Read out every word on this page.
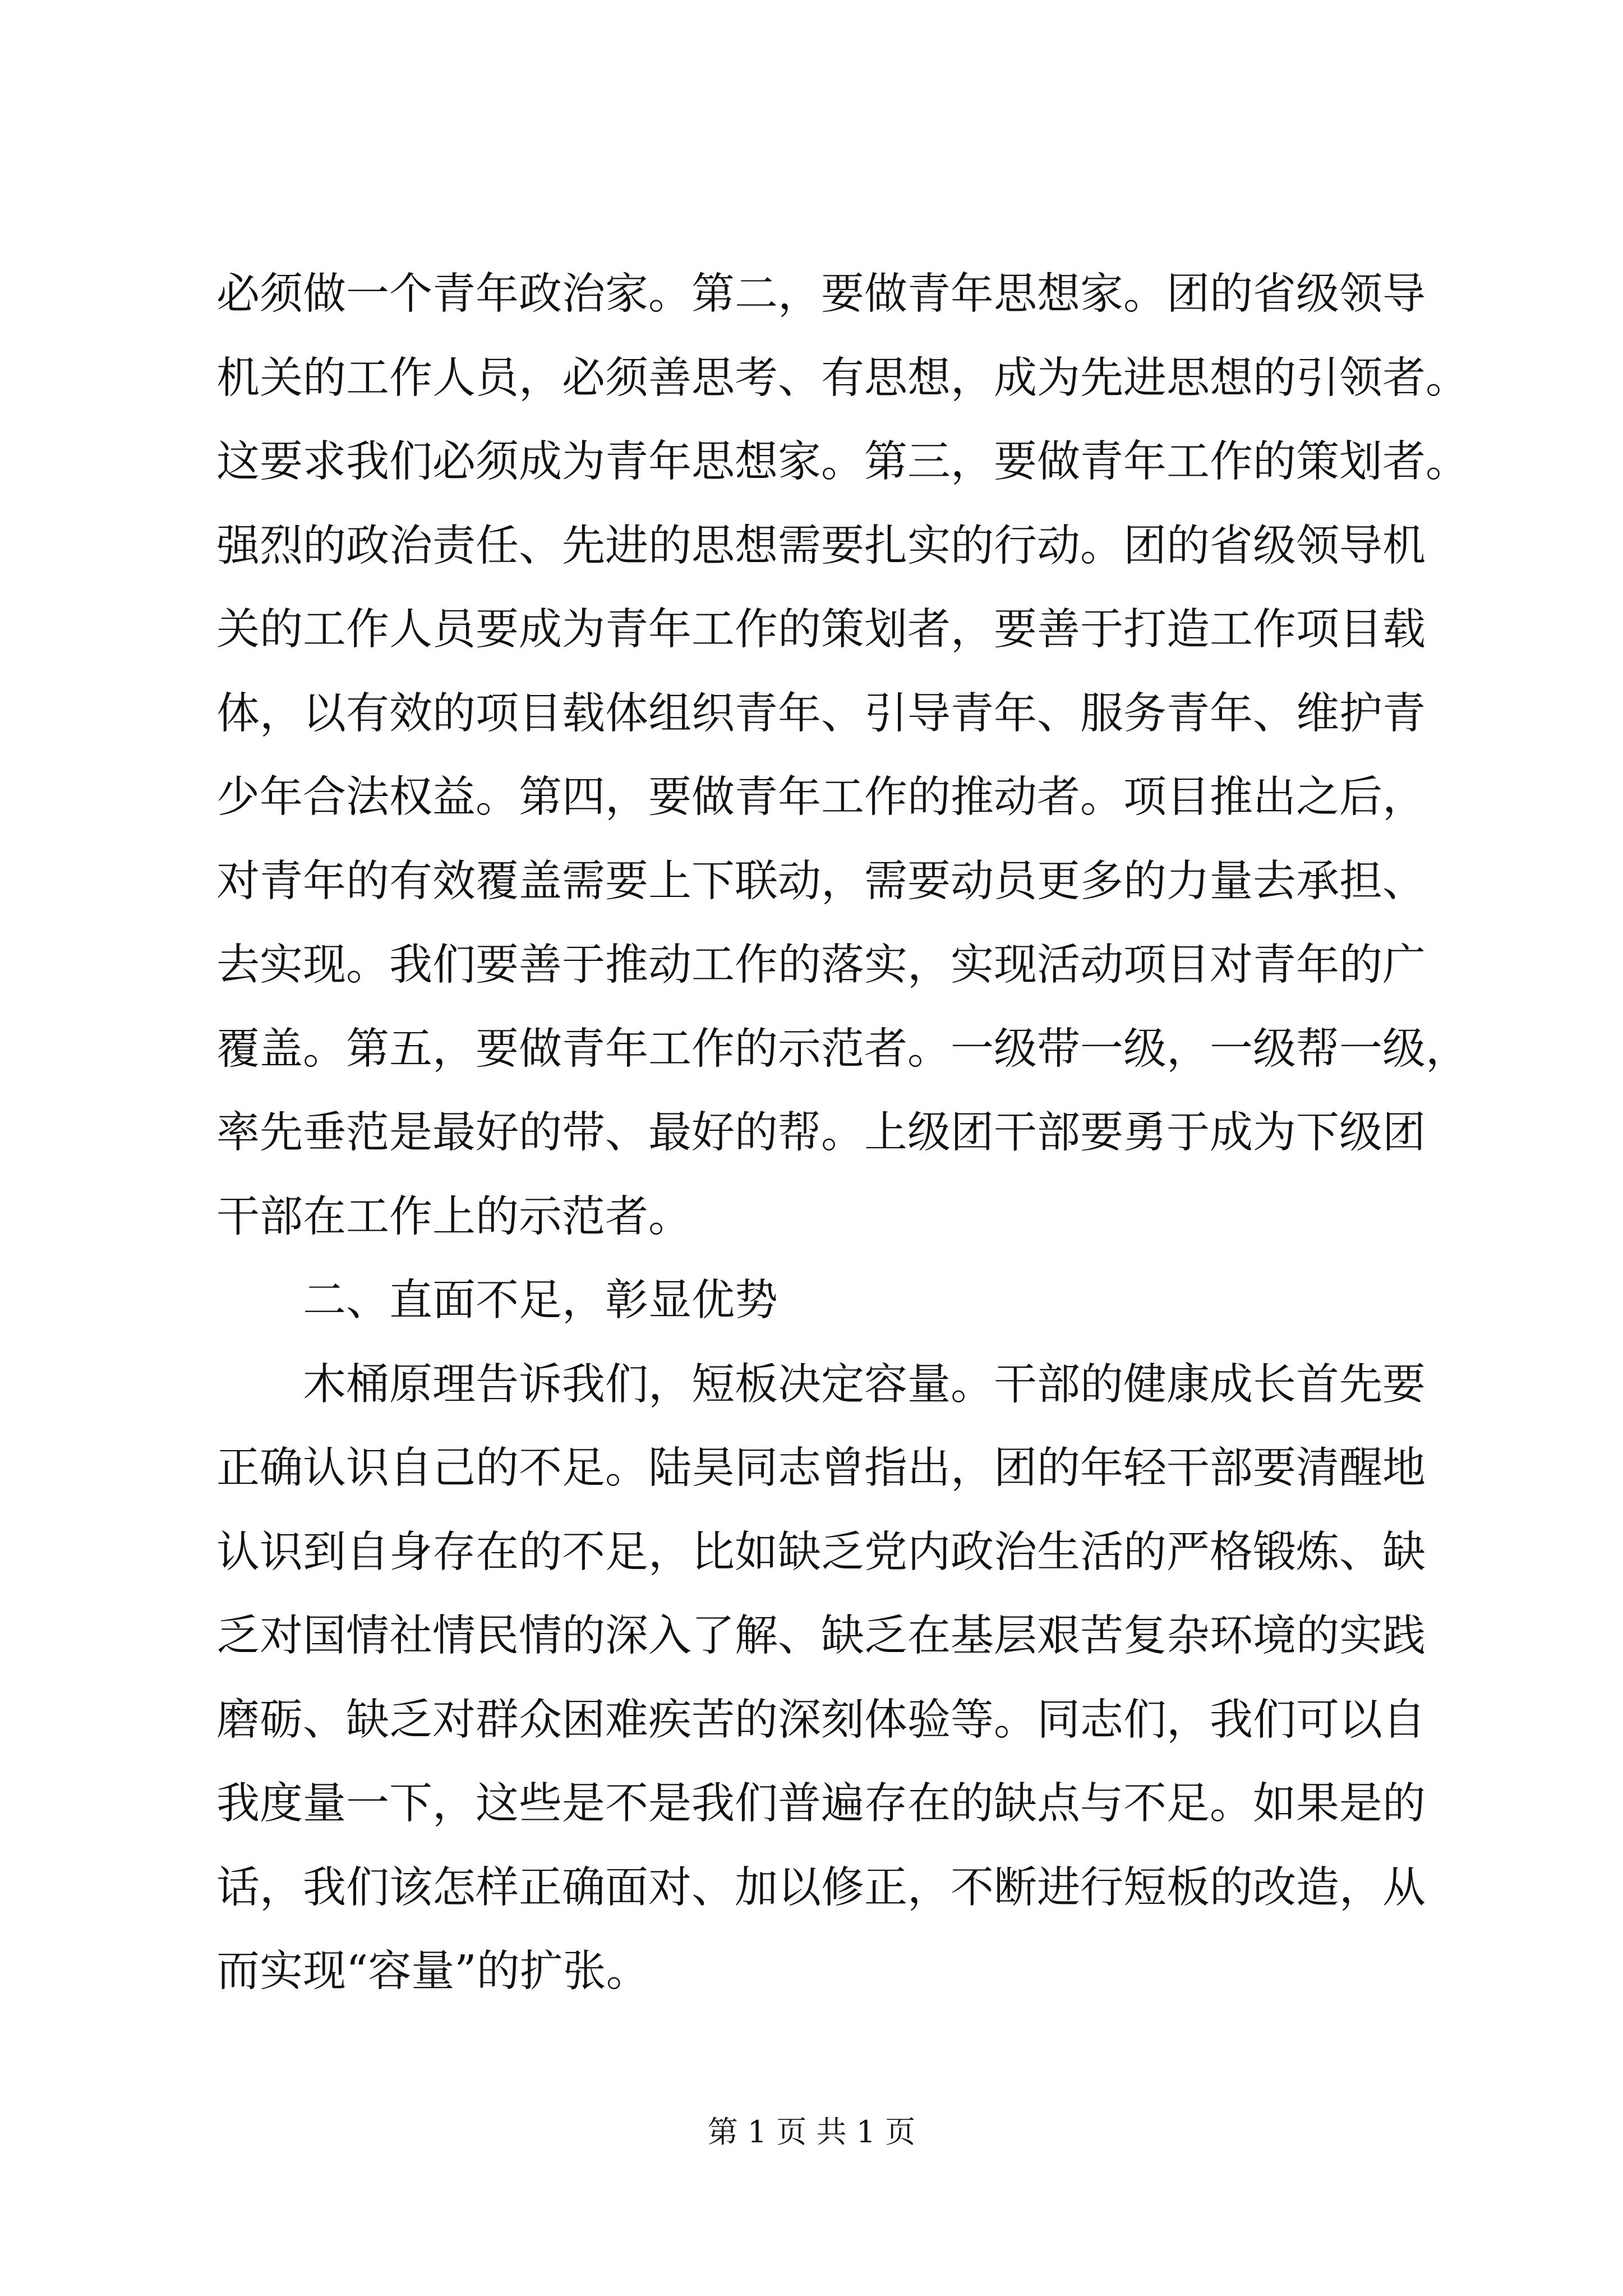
必须做一个青年政治家。第二，要做青年思想家。团的省级领导
机关的工作人员，必须善思考、有思想，成为先进思想的引领者。
这要求我们必须成为青年思想家。第三，要做青年工作的策划者。
强烈的政治责任、先进的思想需要扎实的行动。团的省级领导机
关的工作人员要成为青年工作的策划者，要善于打造工作项目载
体，以有效的项目载体组织青年、引导青年、服务青年、维护青
少年合法权益。第四，要做青年工作的推动者。项目推出之后，
对青年的有效覆盖需要上下联动，需要动员更多的力量去承担、
去实现。我们要善于推动工作的落实，实现活动项目对青年的广
覆盖。第五，要做青年工作的示范者。一级带一级，一级帮一级，
率先垂范是最好的带、最好的帮。上级团干部要勇于成为下级团
干部在工作上的示范者。
二、直面不足，彰显优势
木桶原理告诉我们，短板决定容量。干部的健康成长首先要
正确认识自己的不足。陆昊同志曾指出，团的年轻干部要清醒地
认识到自身存在的不足，比如缺乏党内政治生活的严格锻炼、缺
乏对国情社情民情的深入了解、缺乏在基层艰苦复杂环境的实践
磨砺、缺乏对群众困难疾苦的深刻体验等。同志们，我们可以自
我度量一下，这些是不是我们普遍存在的缺点与不足。如果是的
话，我们该怎样正确面对、加以修正，不断进行短板的改造，从
而实现“容量”的扩张。
第 1 页 共 1 页
